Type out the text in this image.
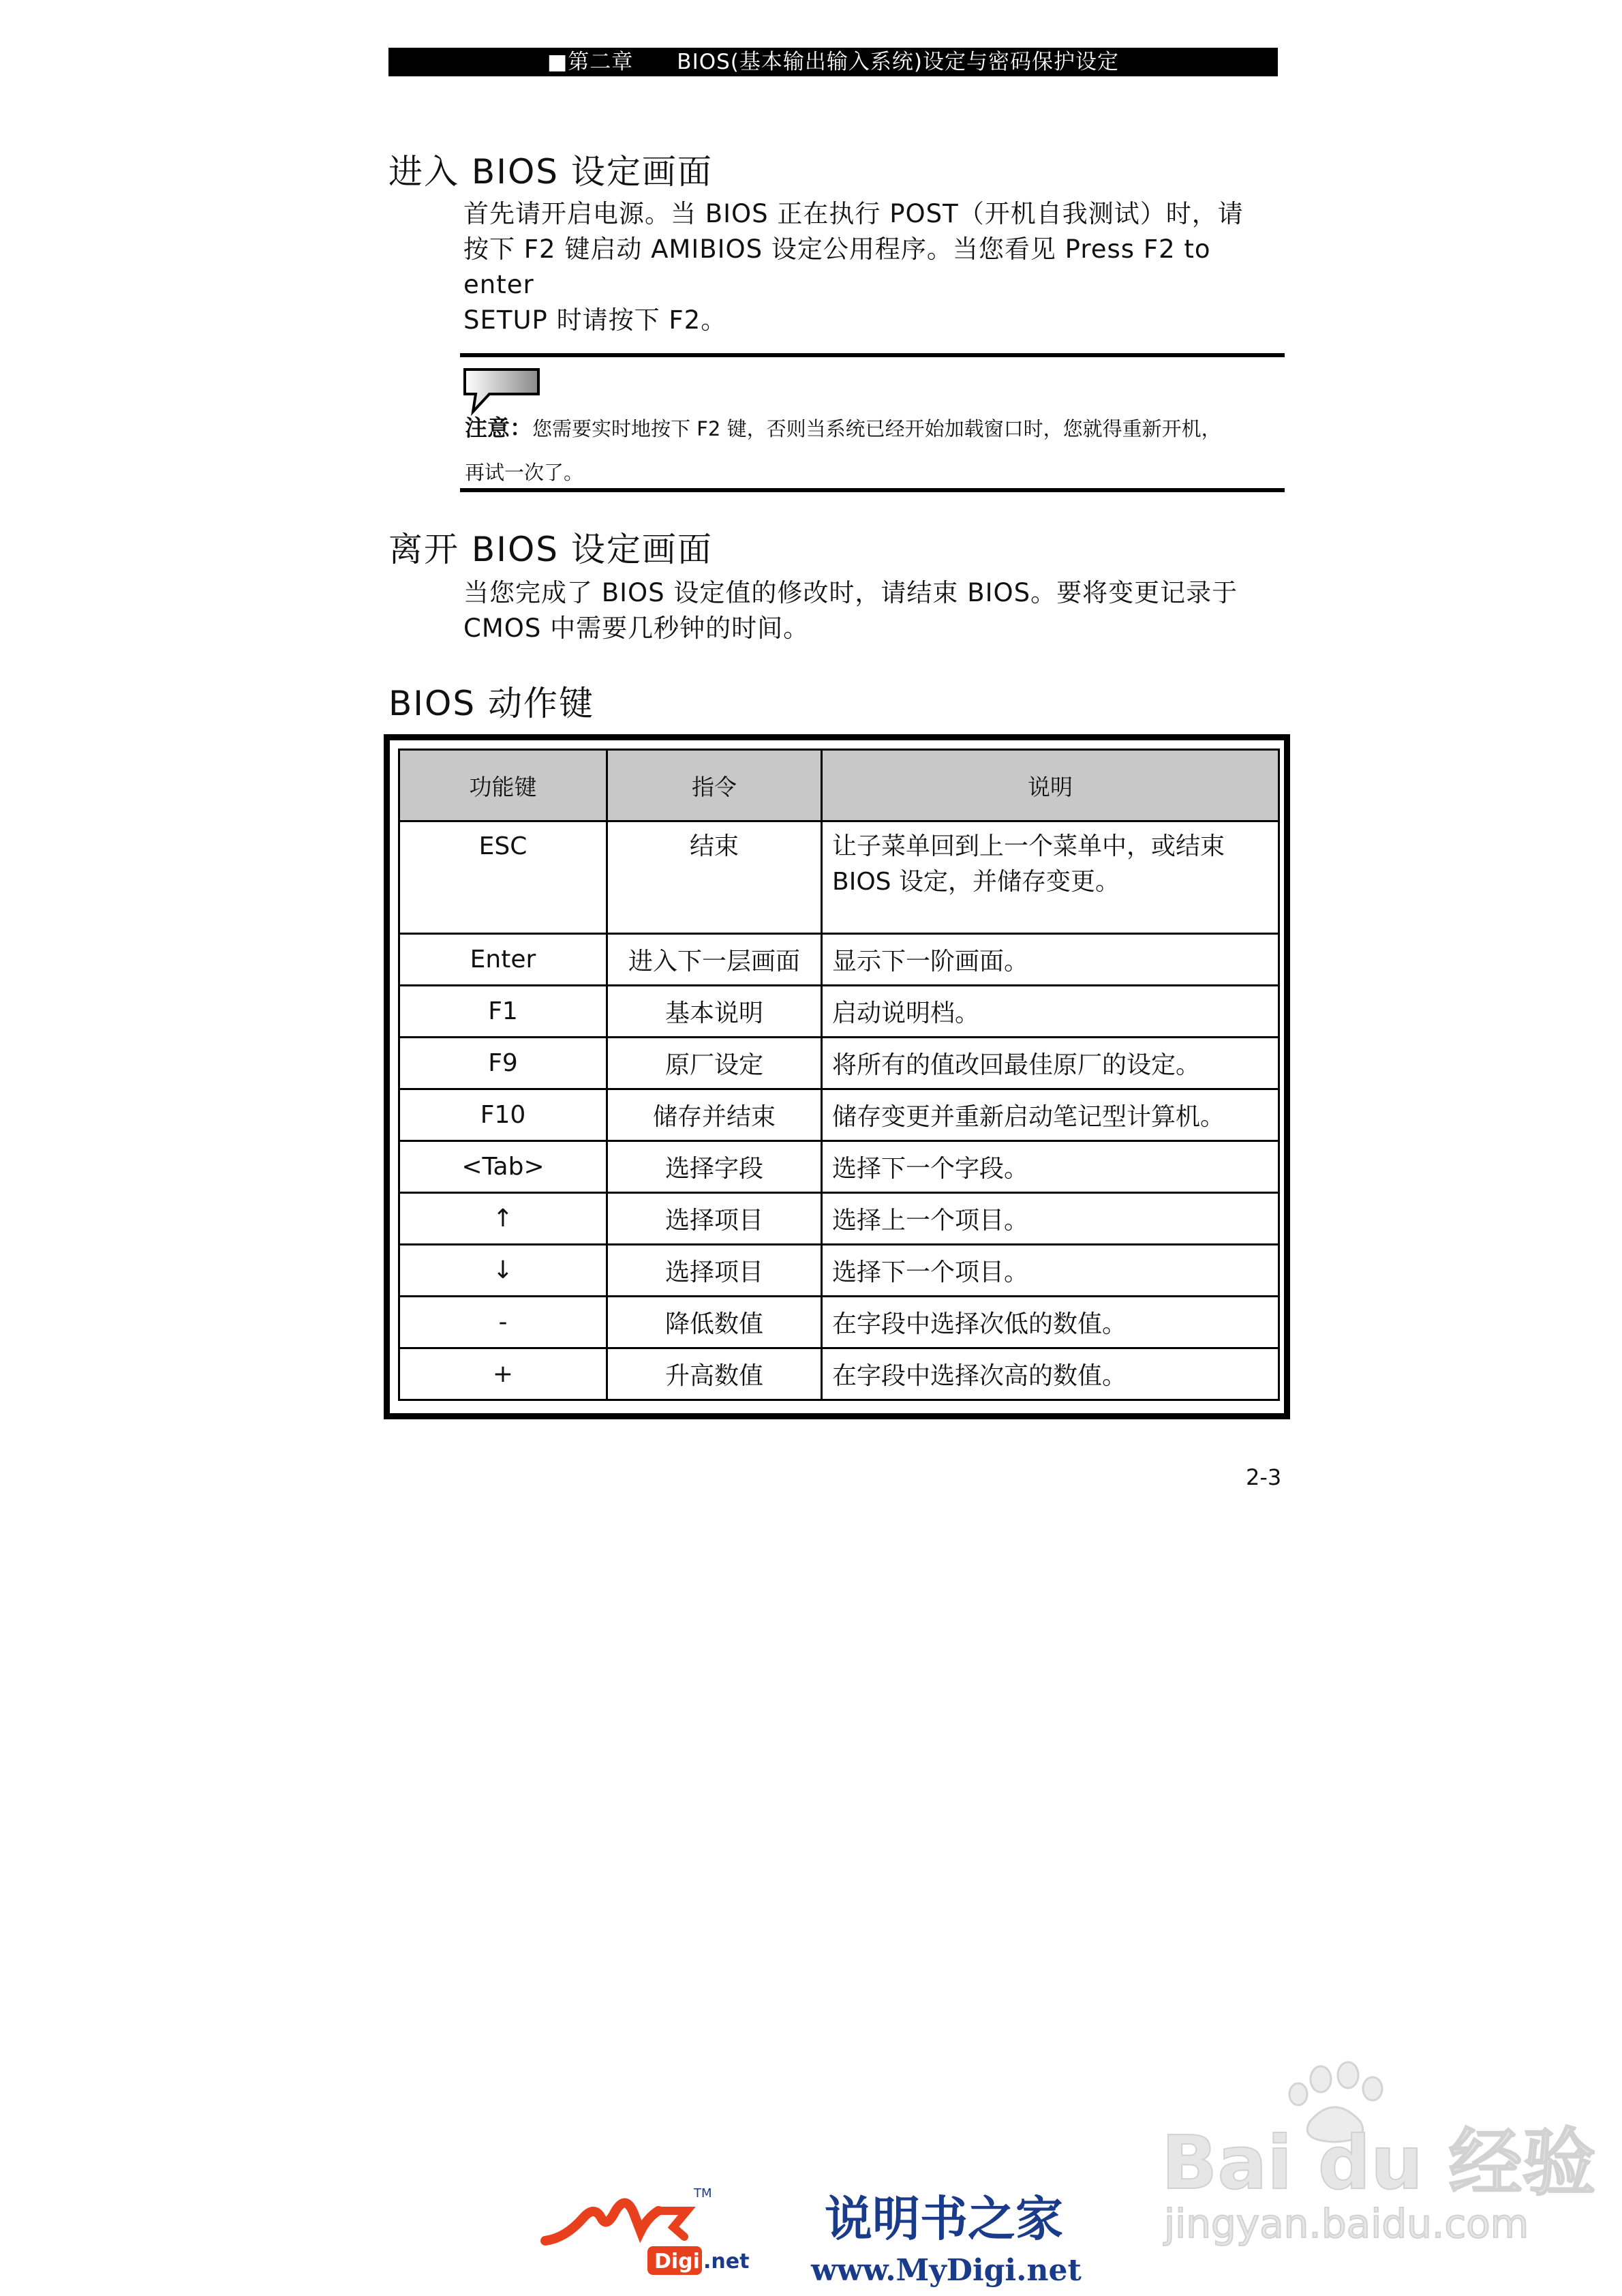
■第二章　　BIOS(基本输出输入系统)设定与密码保护设定
进入 BIOS 设定画面
首先请开启电源。当 BIOS 正在执行 POST（开机自我测试）时，请
按下 F2 键启动 AMIBIOS 设定公用程序。当您看见 Press F2 to enter
SETUP 时请按下 F2。
注意：您需要实时地按下 F2 键，否则当系统已经开始加载窗口时，您就得重新开机，
再试一次了。
离开 BIOS 设定画面
当您完成了 BIOS 设定值的修改时，请结束 BIOS。要将变更记录于
CMOS 中需要几秒钟的时间。
BIOS 动作键
功能键	指令	说明
ESC	结束	让子菜单回到上一个菜单中，或结束 BIOS 设定，并储存变更。
Enter	进入下一层画面	显示下一阶画面。
F1	基本说明	启动说明档。
F9	原厂设定	将所有的值改回最佳原厂的设定。
F10	储存并结束	储存变更并重新启动笔记型计算机。
<Tab>	选择字段	选择下一个字段。
↑	选择项目	选择上一个项目。
↓	选择项目	选择下一个项目。
-	降低数值	在字段中选择次低的数值。
+	升高数值	在字段中选择次高的数值。
2-3
Bai du 经验
jingyan.baidu.com
TM
Digi .net
说明书之家
www.MyDigi.net
